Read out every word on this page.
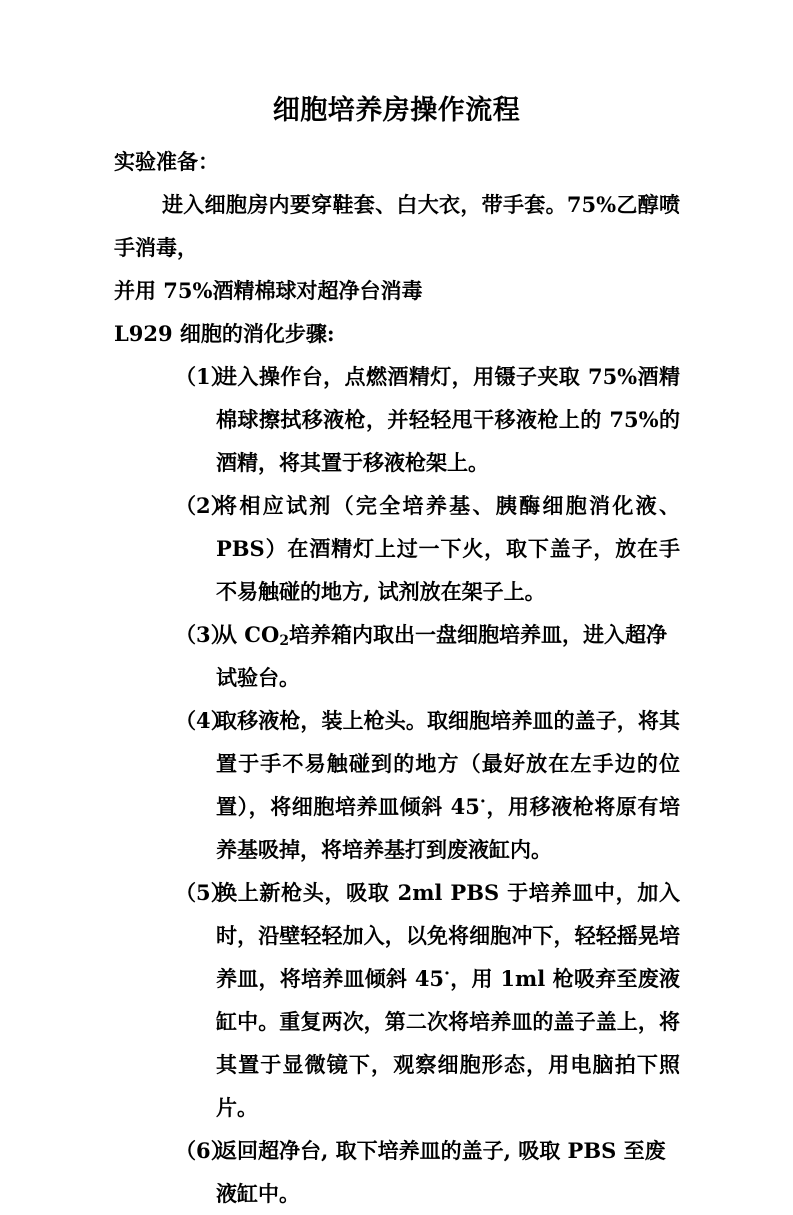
细胞培养房操作流程

实验准备：

进入细胞房内要穿鞋套、白大衣，带手套。75%乙醇喷手消毒，

并用 75%酒精棉球对超净台消毒

L929 细胞的消化步骤:

（1）
进入操作台，点燃酒精灯，用镊子夹取 75%酒精棉球擦拭移液枪，并轻轻甩干移液枪上的 75%的酒精，将其置于移液枪架上。
（2）
将相应试剂（完全培养基、胰酶细胞消化液、PBS）在酒精灯上过一下火，取下盖子，放在手不易触碰的地方, 试剂放在架子上。
（3）
从 $CO_2$培养箱内取出一盘细胞培养皿，进入超净试验台。
（4）
取移液枪，装上枪头。取细胞培养皿的盖子，将其置于手不易触碰到的地方（最好放在左手边的位置），将细胞培养皿倾斜 45·，用移液枪将原有培养基吸掉，将培养基打到废液缸内。
（5）
换上新枪头，吸取 2ml PBS 于培养皿中，加入时，沿壁轻轻加入，以免将细胞冲下，轻轻摇晃培养皿，将培养皿倾斜 45·，用 1ml 枪吸弃至废液缸中。重复两次，第二次将培养皿的盖子盖上，将其置于显微镜下，观察细胞形态，用电脑拍下照片。
（6）
返回超净台, 取下培养皿的盖子, 吸取 PBS 至废液缸中。
